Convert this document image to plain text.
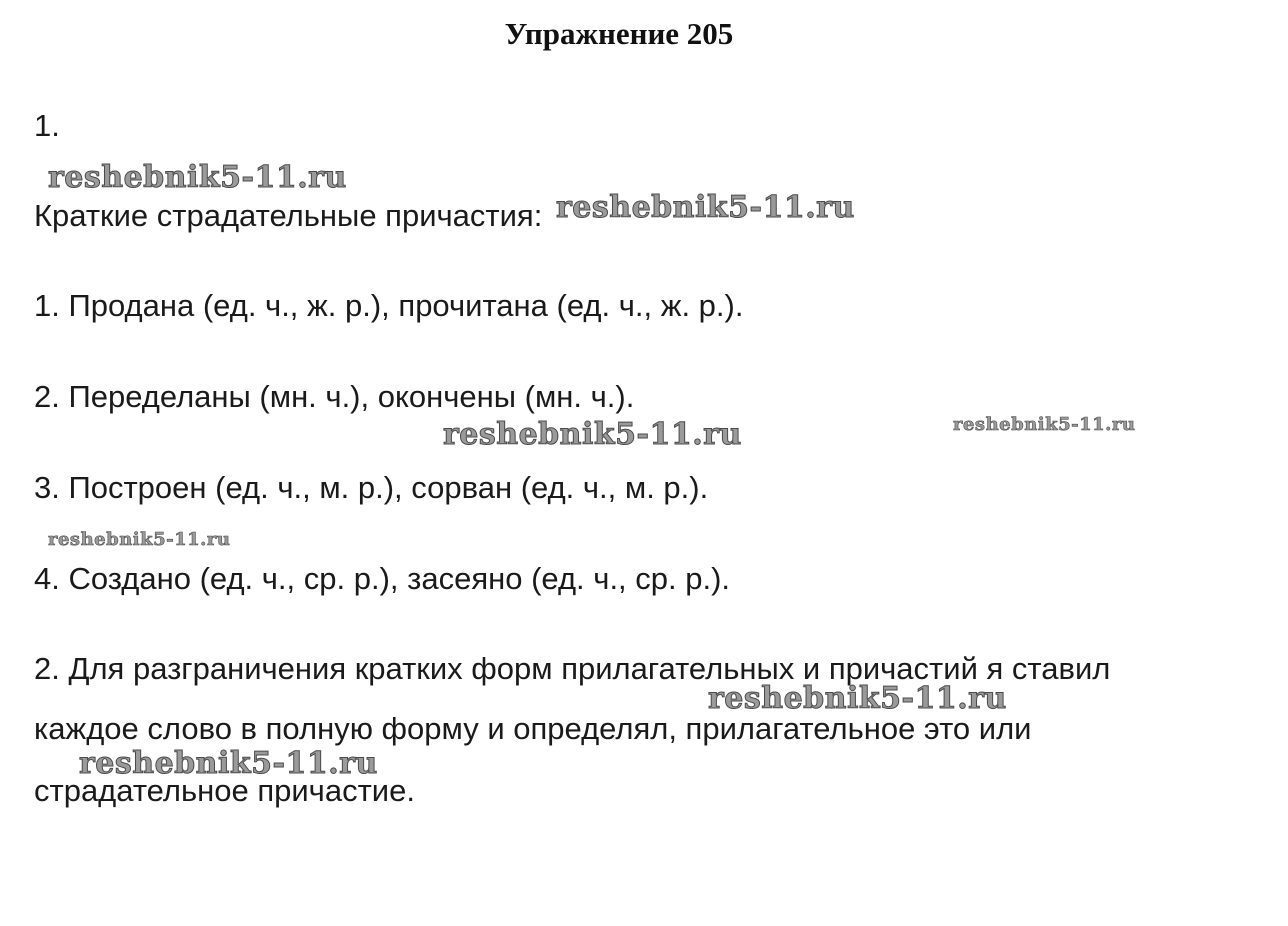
Упражнение 205
1.
Краткие страдательные причастия:
1. Продана (ед. ч., ж. р.), прочитана (ед. ч., ж. р.).
2. Переделаны (мн. ч.), окончены (мн. ч.).
3. Построен (ед. ч., м. р.), сорван (ед. ч., м. р.).
4. Создано (ед. ч., ср. р.), засеяно (ед. ч., ср. р.).
2. Для разграничения кратких форм прилагательных и причастий я ставил
каждое слово в полную форму и определял, прилагательное это или
страдательное причастие.
reshebnik5-11.ru
reshebnik5-11.ru
reshebnik5-11.ru	reshebnik5-11.ru
reshebnik5-11.ru
reshebnik5-11.ru
reshebnik5-11.ru
